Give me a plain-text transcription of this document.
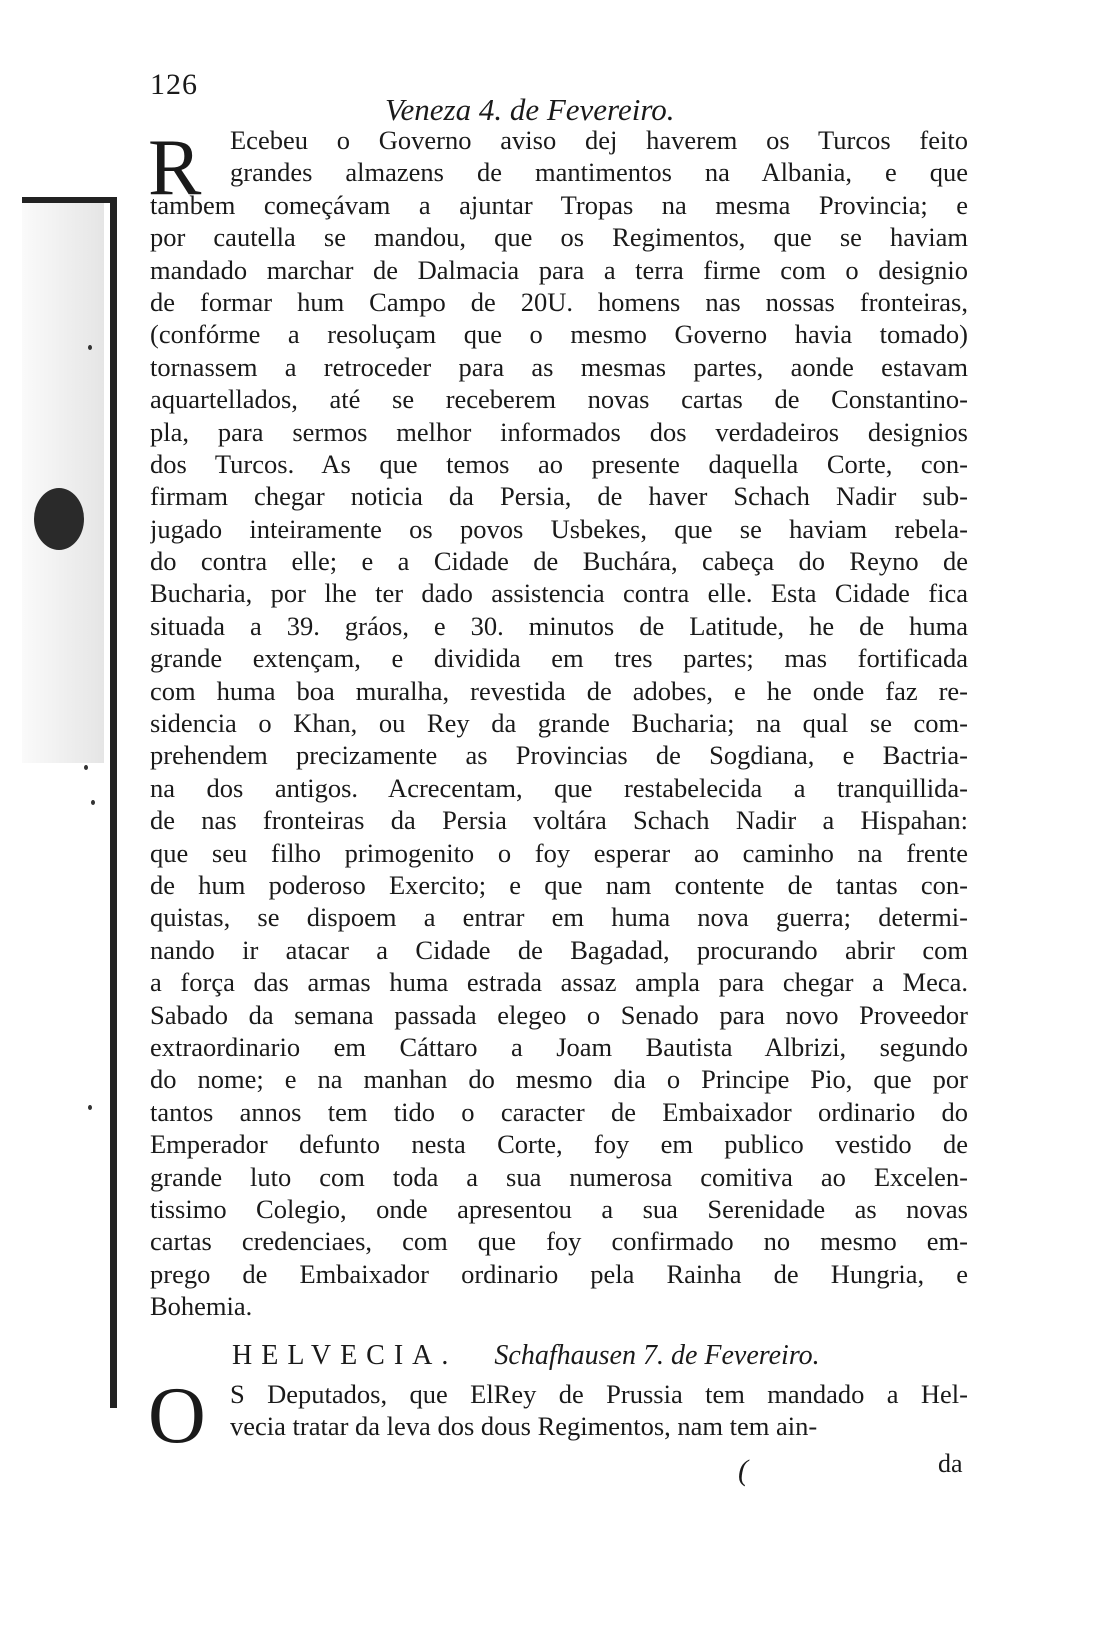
126
Veneza 4. de Fevereiro.
R	Ecebeu o Governo aviso dej haverem os Turcos feito
grandes almazens de mantimentos na Albania, e que
tambem começávam a ajuntar Tropas na mesma Provincia; e
por cautella se mandou, que os Regimentos, que se haviam
mandado marchar de Dalmacia para a terra firme com o designio
de formar hum Campo de 20U. homens nas nossas fronteiras,
(confórme a resoluçam que o mesmo Governo havia tomado)
tornassem a retroceder para as mesmas partes, aonde estavam
aquartellados, até se receberem novas cartas de Constantino-
pla, para sermos melhor informados dos verdadeiros designios
dos Turcos. As que temos ao presente daquella Corte, con-
firmam chegar noticia da Persia, de haver Schach Nadir sub-
jugado inteiramente os povos Usbekes, que se haviam rebela-
do contra elle; e a Cidade de Buchára, cabeça do Reyno de
Bucharia, por lhe ter dado assistencia contra elle. Esta Cidade fica
situada a 39. gráos, e 30. minutos de Latitude, he de huma
grande extençam, e dividida em tres partes; mas fortificada
com huma boa muralha, revestida de adobes, e he onde faz re-
sidencia o Khan, ou Rey da grande Bucharia; na qual se com-
prehendem precizamente as Provincias de Sogdiana, e Bactria-
na dos antigos. Acrecentam, que restabelecida a tranquillida-
de nas fronteiras da Persia voltára Schach Nadir a Hispahan:
que seu filho primogenito o foy esperar ao caminho na frente
de hum poderoso Exercito; e que nam contente de tantas con-
quistas, se dispoem a entrar em huma nova guerra; determi-
nando ir atacar a Cidade de Bagadad, procurando abrir com
a força das armas huma estrada assaz ampla para chegar a Meca.
Sabado da semana passada elegeo o Senado para novo Proveedor
extraordinario em Cáttaro a Joam Bautista Albrizi, segundo
do nome; e na manhan do mesmo dia o Principe Pio, que por
tantos annos tem tido o caracter de Embaixador ordinario do
Emperador defunto nesta Corte, foy em publico vestido de
grande luto com toda a sua numerosa comitiva ao Excelen-
tissimo Colegio, onde apresentou a sua Serenidade as novas
cartas credenciaes, com que foy confirmado no mesmo em-
prego de Embaixador ordinario pela Rainha de Hungria, e
Bohemia.
HELVECIA. Schafhausen 7. de Fevereiro.
O S Deputados, que ElRey de Prussia tem mandado a Hel-
vecia tratar da leva dos dous Regimentos, nam tem ain-
(	da
